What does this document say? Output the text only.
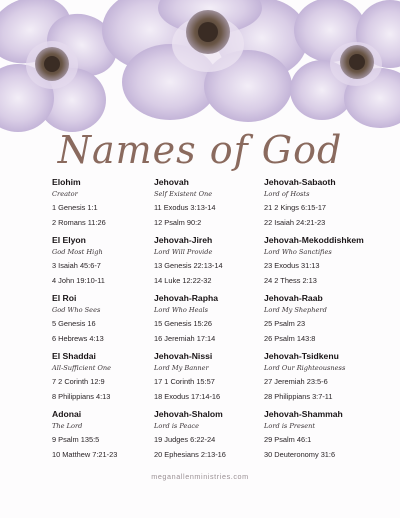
Names of God
Elohim
Creator
1 Genesis 1:1
2 Romans 11:26
El Elyon
God Most High
3 Isaiah 45:6-7
4 John 19:10-11
El Roi
God Who Sees
5 Genesis 16
6 Hebrews 4:13
El Shaddai
All-Sufficient One
7 2 Corinth 12:9
8 Philippians 4:13
Adonai
The Lord
9 Psalm 135:5
10 Matthew 7:21-23
Jehovah
Self Existent One
11 Exodus 3:13-14
12 Psalm 90:2
Jehovah-Jireh
Lord Will Provide
13 Genesis 22:13-14
14 Luke 12:22-32
Jehovah-Rapha
Lord Who Heals
15 Genesis 15:26
16 Jeremiah 17:14
Jehovah-Nissi
Lord My Banner
17 1 Corinth 15:57
18 Exodus 17:14-16
Jehovah-Shalom
Lord is Peace
19 Judges 6:22-24
20 Ephesians 2:13-16
Jehovah-Sabaoth
Lord of Hosts
21 2 Kings 6:15-17
22 Isaiah 24:21-23
Jehovah-Mekoddishkem
Lord Who Sanctifies
23 Exodus 31:13
24 2 Thess 2:13
Jehovah-Raab
Lord My Shepherd
25 Psalm 23
26 Psalm 143:8
Jehovah-Tsidkenu
Lord Our Righteousness
27 Jeremiah 23:5-6
28 Philippians 3:7-11
Jehovah-Shammah
Lord is Present
29 Psalm 46:1
30 Deuteronomy 31:6
meganallenministries.com
